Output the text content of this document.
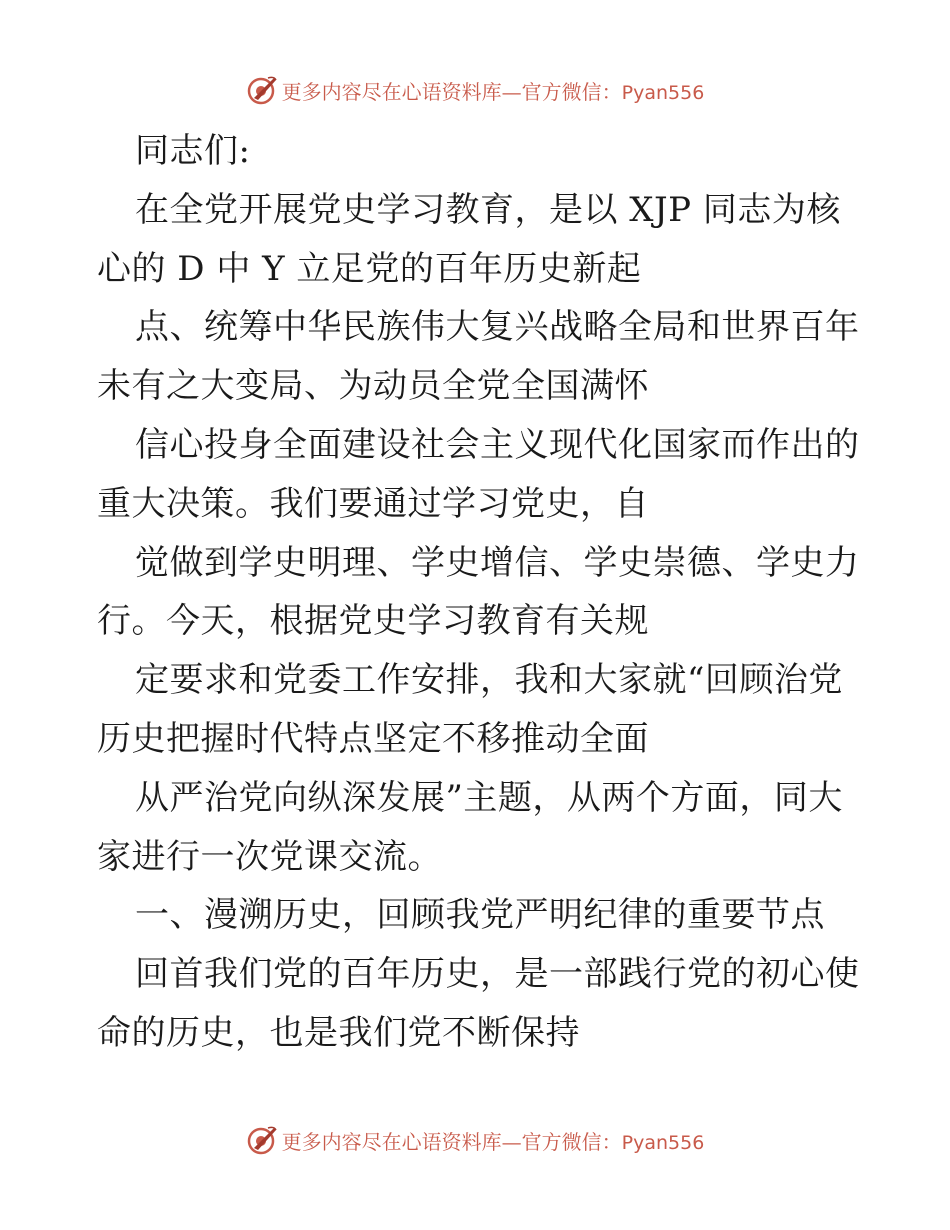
更多内容尽在心语资料库—官方微信：Pyan556
同志们:
在全党开展党史学习教育，是以 XJP 同志为核
心的 D 中 Y 立足党的百年历史新起
点、统筹中华民族伟大复兴战略全局和世界百年
未有之大变局、为动员全党全国满怀
信心投身全面建设社会主义现代化国家而作出的
重大决策。我们要通过学习党史，自
觉做到学史明理、学史增信、学史崇德、学史力
行。今天，根据党史学习教育有关规
定要求和党委工作安排，我和大家就“回顾治党
历史把握时代特点坚定不移推动全面
从严治党向纵深发展”主题，从两个方面，同大
家进行一次党课交流。
一、漫溯历史，回顾我党严明纪律的重要节点
回首我们党的百年历史，是一部践行党的初心使
命的历史，也是我们党不断保持
更多内容尽在心语资料库—官方微信：Pyan556
